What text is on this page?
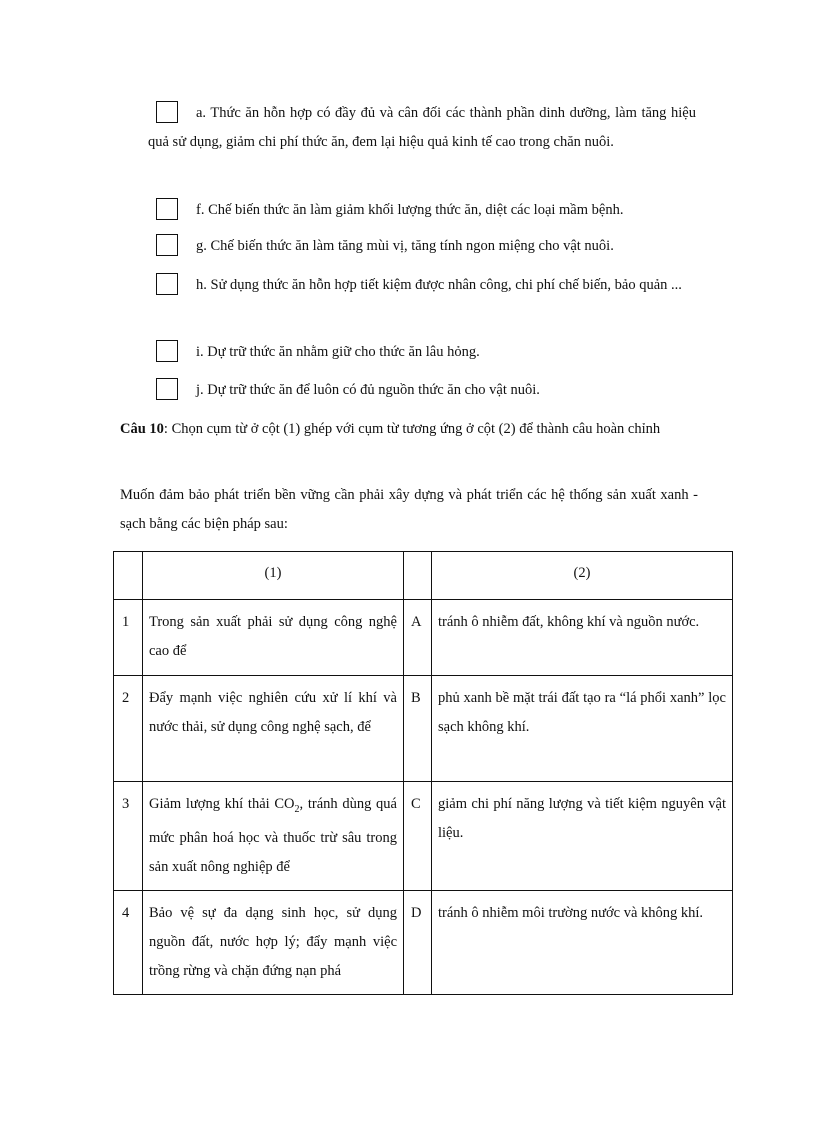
a. Thức ăn hỗn hợp có đầy đủ và cân đối các thành phần dinh dưỡng, làm tăng hiệu quả sử dụng, giảm chi phí thức ăn, đem lại hiệu quả kinh tế cao trong chăn nuôi.
f. Chế biến thức ăn làm giảm khối lượng thức ăn, diệt các loại mầm bệnh.
g. Chế biến thức ăn làm tăng mùi vị, tăng tính ngon miệng cho vật nuôi.
h. Sử dụng thức ăn hỗn hợp tiết kiệm được nhân công, chi phí chế biến, bảo quản ...
i. Dự trữ thức ăn nhằm giữ cho thức ăn lâu hỏng.
j. Dự trữ thức ăn để luôn có đủ nguồn thức ăn cho vật nuôi.
Câu 10: Chọn cụm từ ở cột (1) ghép với cụm từ tương ứng ở cột (2) để thành câu hoàn chỉnh
Muốn đảm bảo phát triển bền vững cần phải xây dựng và phát triển các hệ thống sản xuất xanh - sạch bằng các biện pháp sau:
	(1)		(2)
1	Trong sản xuất phải sử dụng công nghệ cao để	A	tránh ô nhiễm đất, không khí và nguồn nước.
2	Đẩy mạnh việc nghiên cứu xử lí khí và nước thải, sử dụng công nghệ sạch, để	B	phủ xanh bề mặt trái đất tạo ra “lá phổi xanh” lọc sạch không khí.
3	Giảm lượng khí thải $CO_2$, tránh dùng quá mức phân hoá học và thuốc trừ sâu trong sản xuất nông nghiệp để	C	giảm chi phí năng lượng và tiết kiệm nguyên vật liệu.
4	Bảo vệ sự đa dạng sinh học, sử dụng nguồn đất, nước hợp lý; đẩy mạnh việc trồng rừng và chặn đứng nạn phá	D	tránh ô nhiễm môi trường nước và không khí.
